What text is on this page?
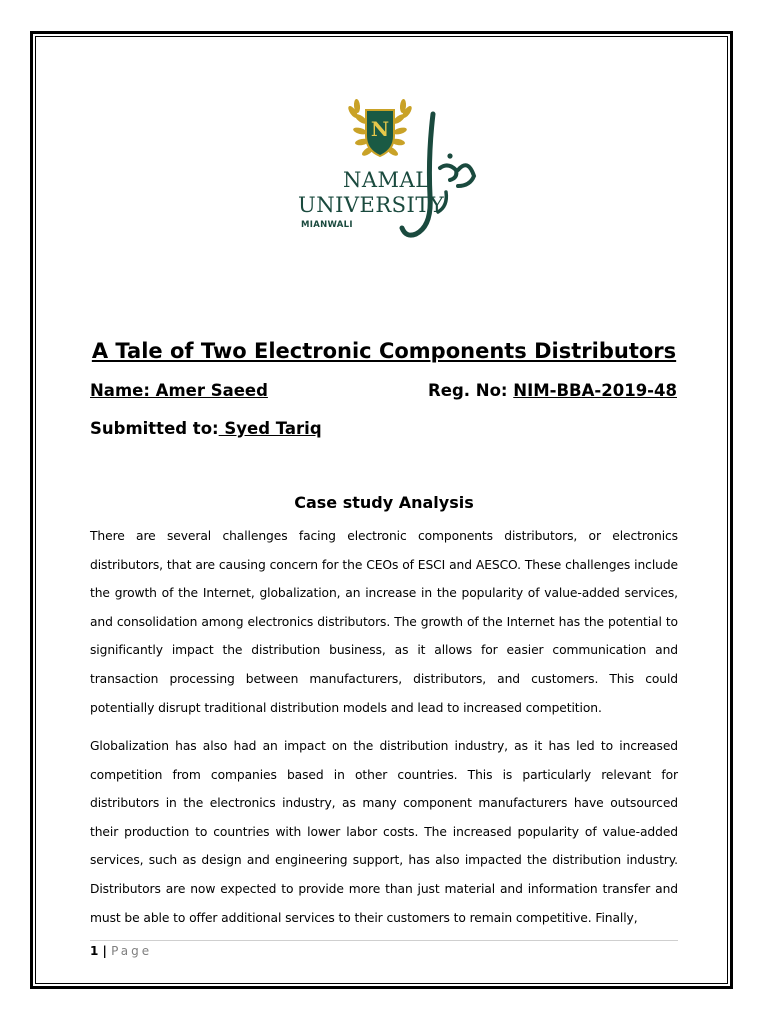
N
NAMAL
UNIVERSITY
MIANWALI
A Tale of Two Electronic Components Distributors
Name: Amer Saeed	Reg. No: NIM-BBA-2019-48
Submitted to: Syed Tariq
Case study Analysis

There are several challenges facing electronic components distributors, or electronics distributors, that are causing concern for the CEOs of ESCI and AESCO. These challenges include the growth of the Internet, globalization, an increase in the popularity of value-added services, and consolidation among electronics distributors. The growth of the Internet has the potential to significantly impact the distribution business, as it allows for easier communication and transaction processing between manufacturers, distributors, and customers. This could potentially disrupt traditional distribution models and lead to increased competition.

Globalization has also had an impact on the distribution industry, as it has led to increased competition from companies based in other countries. This is particularly relevant for distributors in the electronics industry, as many component manufacturers have outsourced their production to countries with lower labor costs. The increased popularity of value-added services, such as design and engineering support, has also impacted the distribution industry. Distributors are now expected to provide more than just material and information transfer and must be able to offer additional services to their customers to remain competitive. Finally,

1 | Page
